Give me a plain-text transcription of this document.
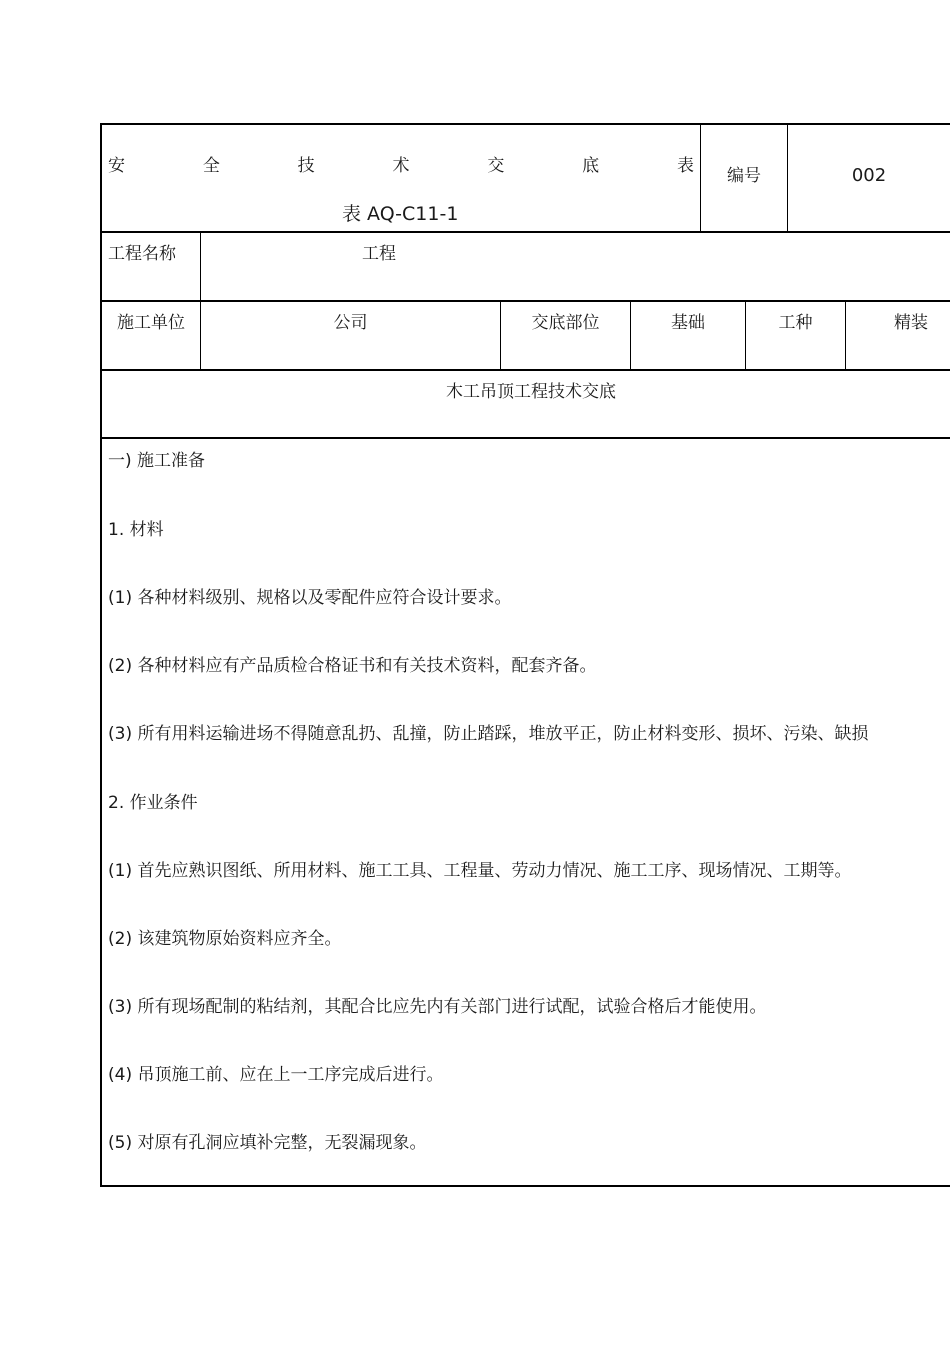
安	全	技	术	交	底	表
表 AQ-C11-1
编号	002
工程名称	工程
施工单位	公司	交底部位	基础	工种	精装
木工吊顶工程技术交底
一) 施工准备
1. 材料
(1) 各种材料级别、规格以及零配件应符合设计要求。
(2) 各种材料应有产品质检合格证书和有关技术资料，配套齐备。
(3) 所有用料运输进场不得随意乱扔、乱撞，防止踏踩，堆放平正，防止材料变形、损坏、污染、缺损
2. 作业条件
(1) 首先应熟识图纸、所用材料、施工工具、工程量、劳动力情况、施工工序、现场情况、工期等。
(2) 该建筑物原始资料应齐全。
(3) 所有现场配制的粘结剂，其配合比应先内有关部门进行试配，试验合格后才能使用。
(4) 吊顶施工前、应在上一工序完成后进行。
(5) 对原有孔洞应填补完整，无裂漏现象。
